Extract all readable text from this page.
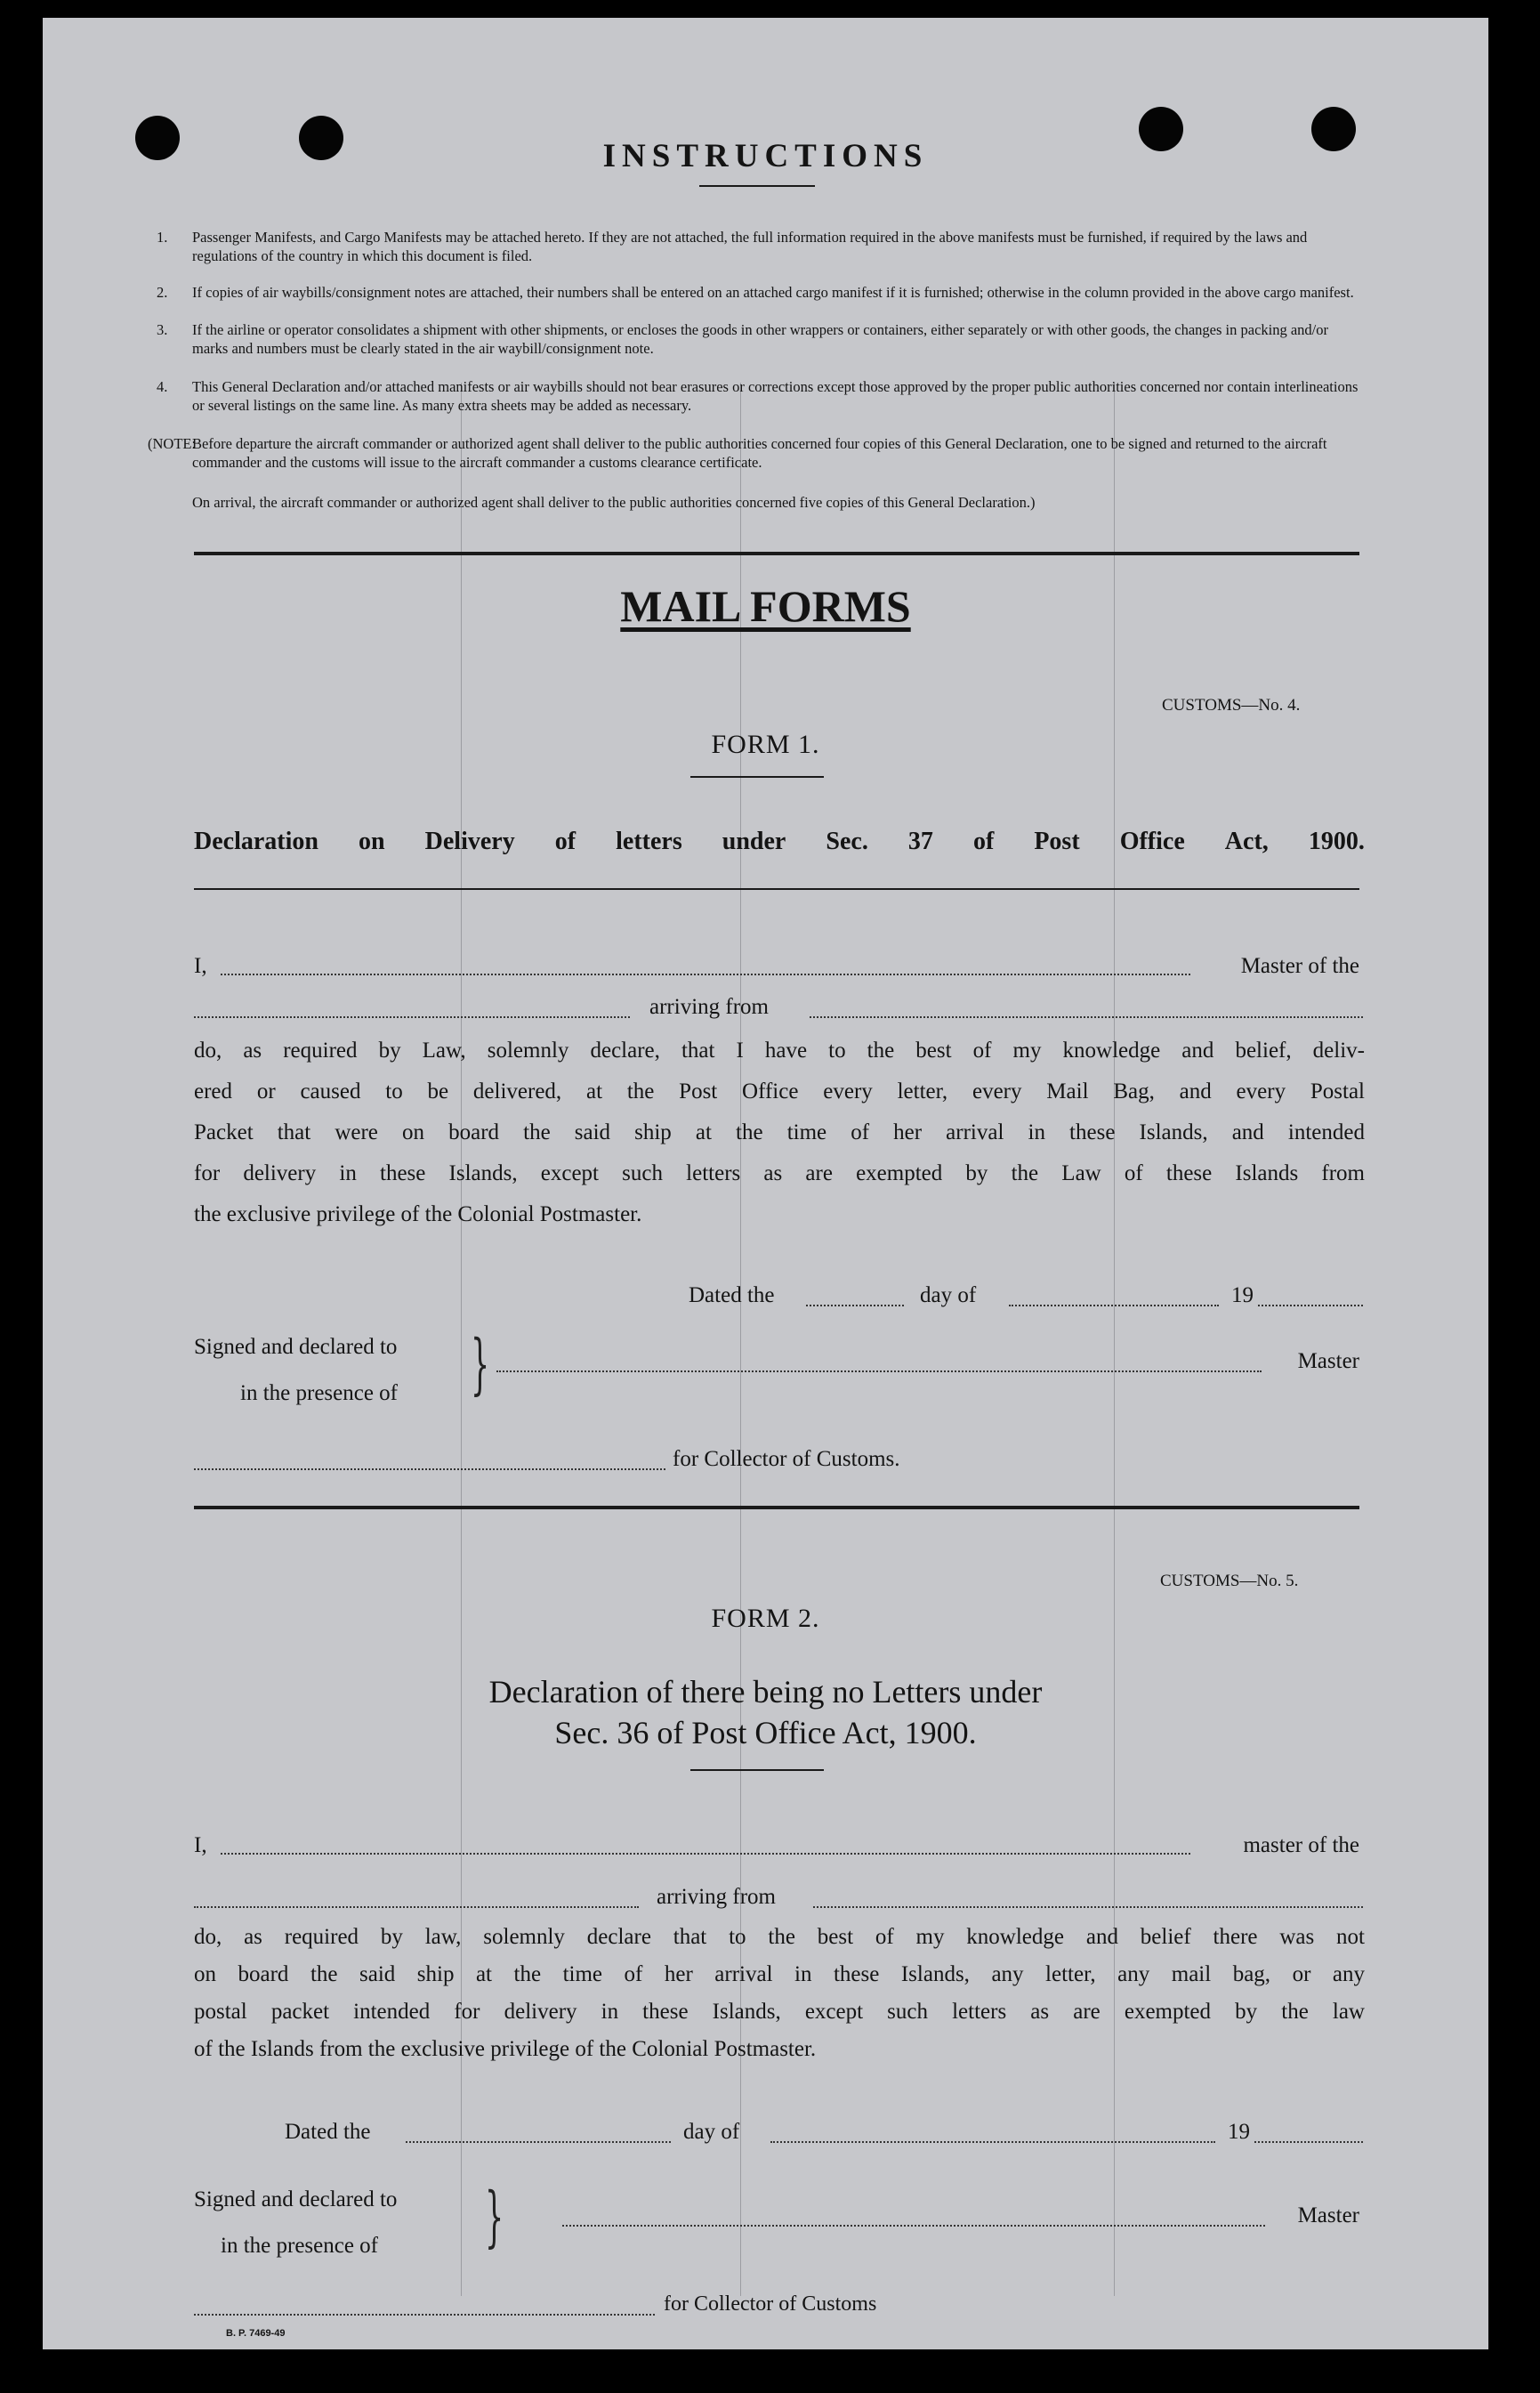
INSTRUCTIONS
1. Passenger Manifests, and Cargo Manifests may be attached hereto. If they are not attached, the full information required in the above manifests must be furnished, if required by the laws and regulations of the country in which this document is filed.
2. If copies of air waybills/consignment notes are attached, their numbers shall be entered on an attached cargo manifest if it is furnished; otherwise in the column provided in the above cargo manifest.
3. If the airline or operator consolidates a shipment with other shipments, or encloses the goods in other wrappers or containers, either separately or with other goods, the changes in packing and/or marks and numbers must be clearly stated in the air waybill/consignment note.
4. This General Declaration and/or attached manifests or air waybills should not bear erasures or corrections except those approved by the proper public authorities concerned nor contain interlineations or several listings on the same line. As many extra sheets may be added as necessary.
(NOTE:
Before departure the aircraft commander or authorized agent shall deliver to the public authorities concerned four copies of this General Declaration, one to be signed and returned to the aircraft commander and the customs will issue to the aircraft commander a customs clearance certificate.
On arrival, the aircraft commander or authorized agent shall deliver to the public authorities concerned five copies of this General Declaration.)
MAIL FORMS
CUSTOMS—No. 4.
FORM 1.
Declaration on Delivery of letters under Sec. 37 of Post Office Act, 1900.
I,	Master of the
arriving from
do, as required by Law, solemnly declare, that I have to the best of my knowledge and belief, deliv-
ered or caused to be delivered, at the Post Office every letter, every Mail Bag, and every Postal
Packet that were on board the said ship at the time of her arrival in these Islands, and intended
for delivery in these Islands, except such letters as are exempted by the Law of these Islands from
the exclusive privilege of the Colonial Postmaster.
Dated the	day of	19
Signed and declared to
in the presence of }	Master
for Collector of Customs.
CUSTOMS—No. 5.
FORM 2.
Declaration of there being no Letters under
Sec. 36 of Post Office Act, 1900.
I,	master of the
arriving from
do, as required by law, solemnly declare that to the best of my knowledge and belief there was not
on board the said ship at the time of her arrival in these Islands, any letter, any mail bag, or any
postal packet intended for delivery in these Islands, except such letters as are exempted by the law
of the Islands from the exclusive privilege of the Colonial Postmaster.
Dated the	day of	19
Signed and declared to
in the presence of }	Master
for Collector of Customs
B. P. 7469-49
